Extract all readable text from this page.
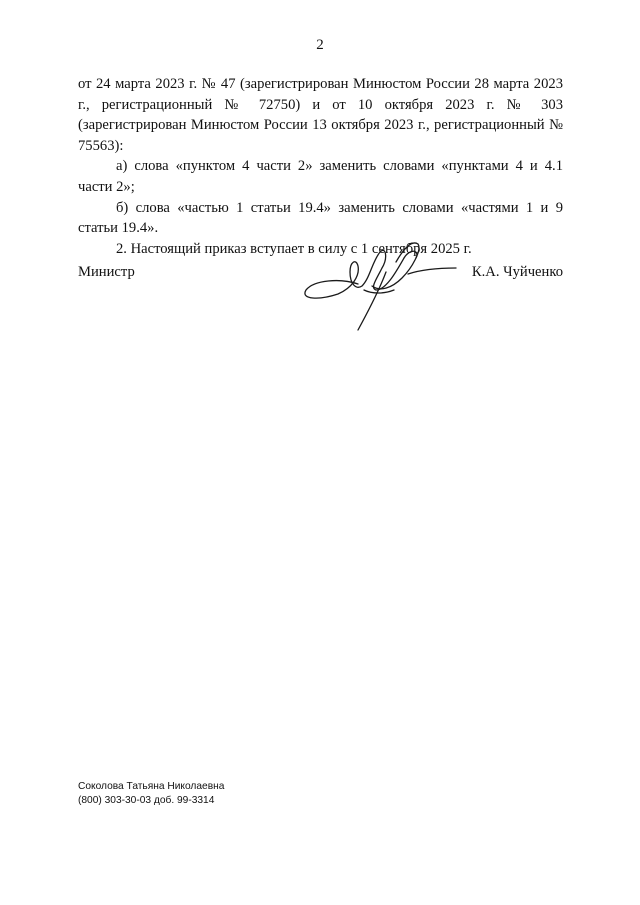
2

от 24 марта 2023 г. № 47 (зарегистрирован Минюстом России 28 марта 2023 г., регистрационный № 72750) и от 10 октября 2023 г. № 303 (зарегистрирован Минюстом России 13 октября 2023 г., регистрационный № 75563):

а) слова «пунктом 4 части 2» заменить словами «пунктами 4 и 4.1 части 2»;

б) слова «частью 1 статьи 19.4» заменить словами «частями 1 и 9 статьи 19.4».

2. Настоящий приказ вступает в силу с 1 сентября 2025 г.

Министр	К.А. Чуйченко
Соколова Татьяна Николаевна
(800) 303-30-03 доб. 99-3314
